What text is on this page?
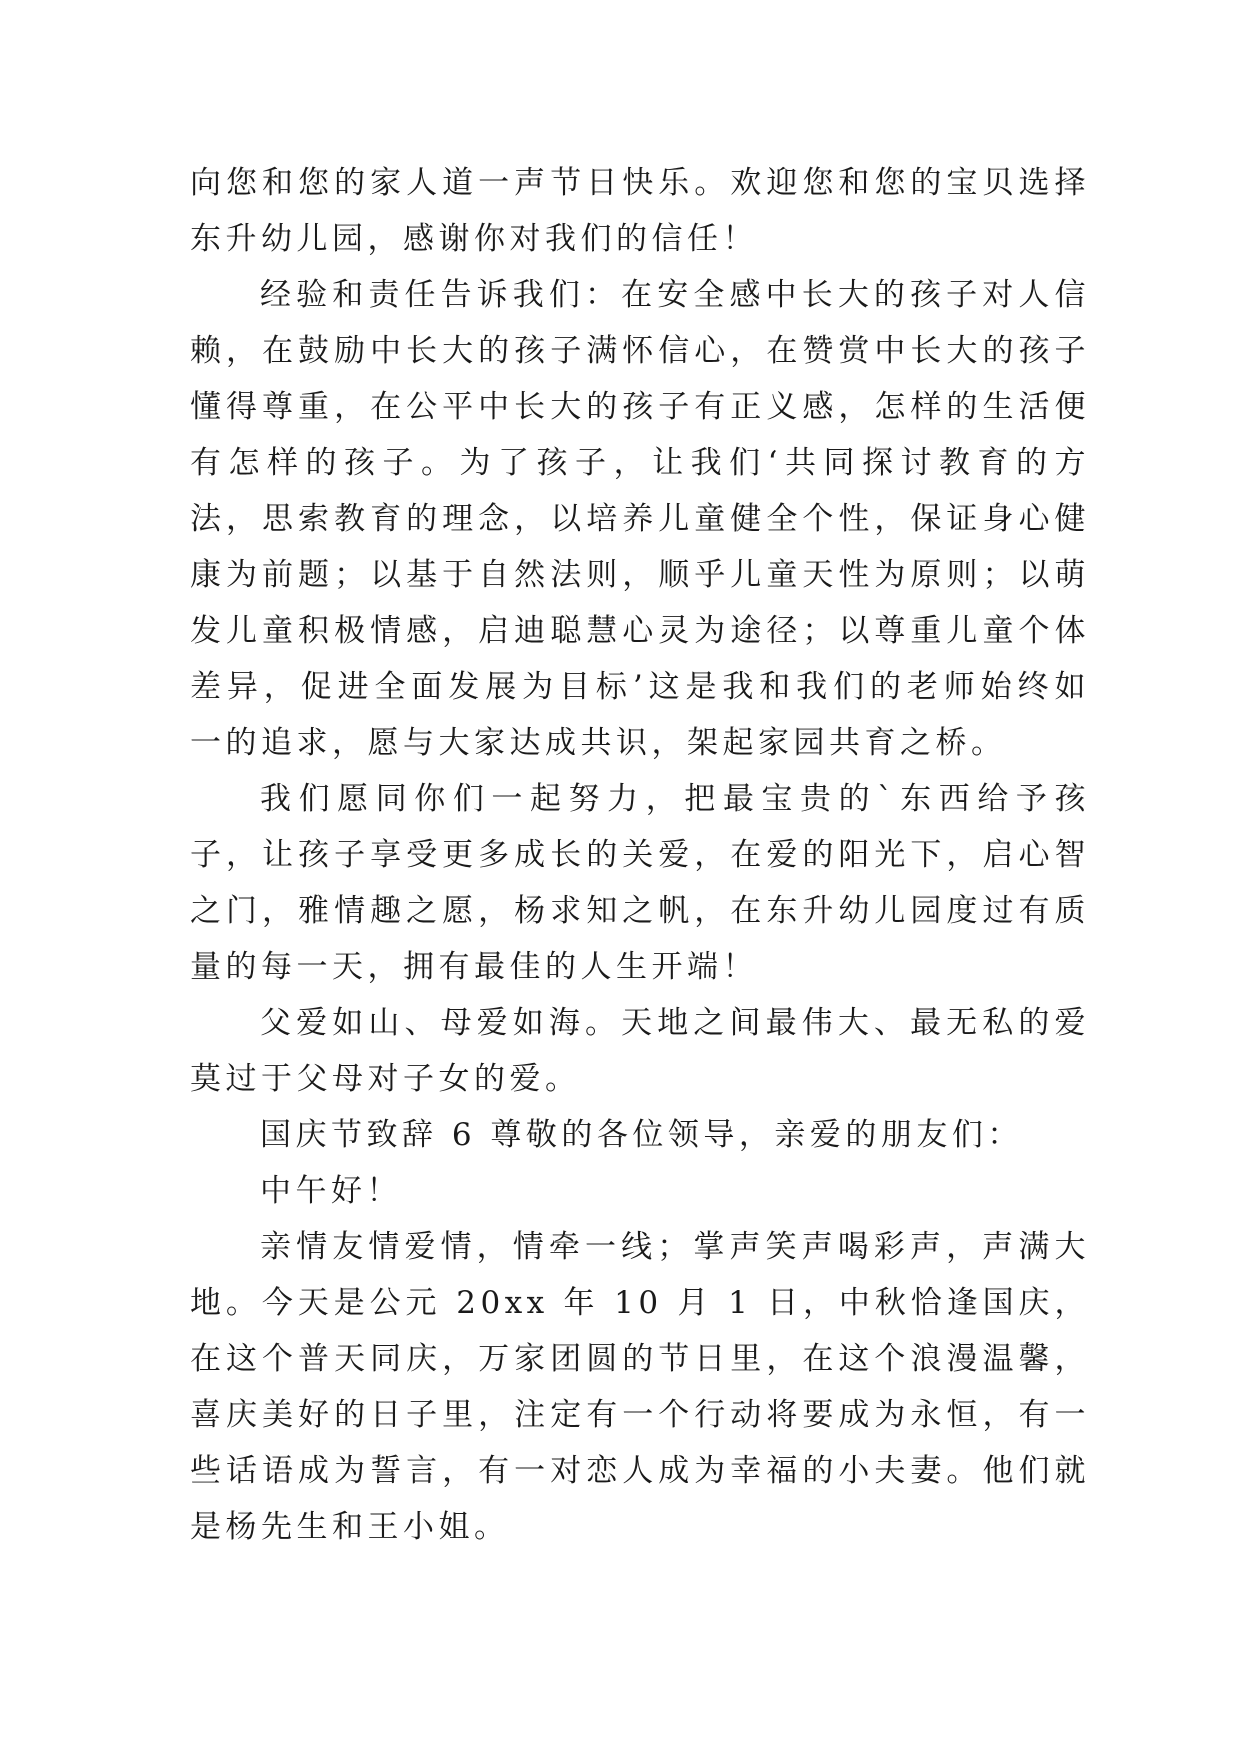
向您和您的家人道一声节日快乐。欢迎您和您的宝贝选择东升幼儿园，感谢你对我们的信任！

经验和责任告诉我们：在安全感中长大的孩子对人信赖，在鼓励中长大的孩子满怀信心，在赞赏中长大的孩子懂得尊重，在公平中长大的孩子有正义感，怎样的生活便有怎样的孩子。为了孩子，让我们‘共同探讨教育的方法，思索教育的理念，以培养儿童健全个性，保证身心健康为前题；以基于自然法则，顺乎儿童天性为原则；以萌发儿童积极情感，启迪聪慧心灵为途径；以尊重儿童个体差异，促进全面发展为目标’这是我和我们的老师始终如一的追求，愿与大家达成共识，架起家园共育之桥。

我们愿同你们一起努力，把最宝贵的`东西给予孩子，让孩子享受更多成长的关爱，在爱的阳光下，启心智之门，雅情趣之愿，杨求知之帆，在东升幼儿园度过有质量的每一天，拥有最佳的人生开端！

父爱如山、母爱如海。天地之间最伟大、最无私的爱莫过于父母对子女的爱。

国庆节致辞 6 尊敬的各位领导，亲爱的朋友们：

中午好！

亲情友情爱情，情牵一线；掌声笑声喝彩声，声满大地。今天是公元 20xx 年 10 月 1 日，中秋恰逢国庆，在这个普天同庆，万家团圆的节日里，在这个浪漫温馨，喜庆美好的日子里，注定有一个行动将要成为永恒，有一些话语成为誓言，有一对恋人成为幸福的小夫妻。他们就是杨先生和王小姐。
